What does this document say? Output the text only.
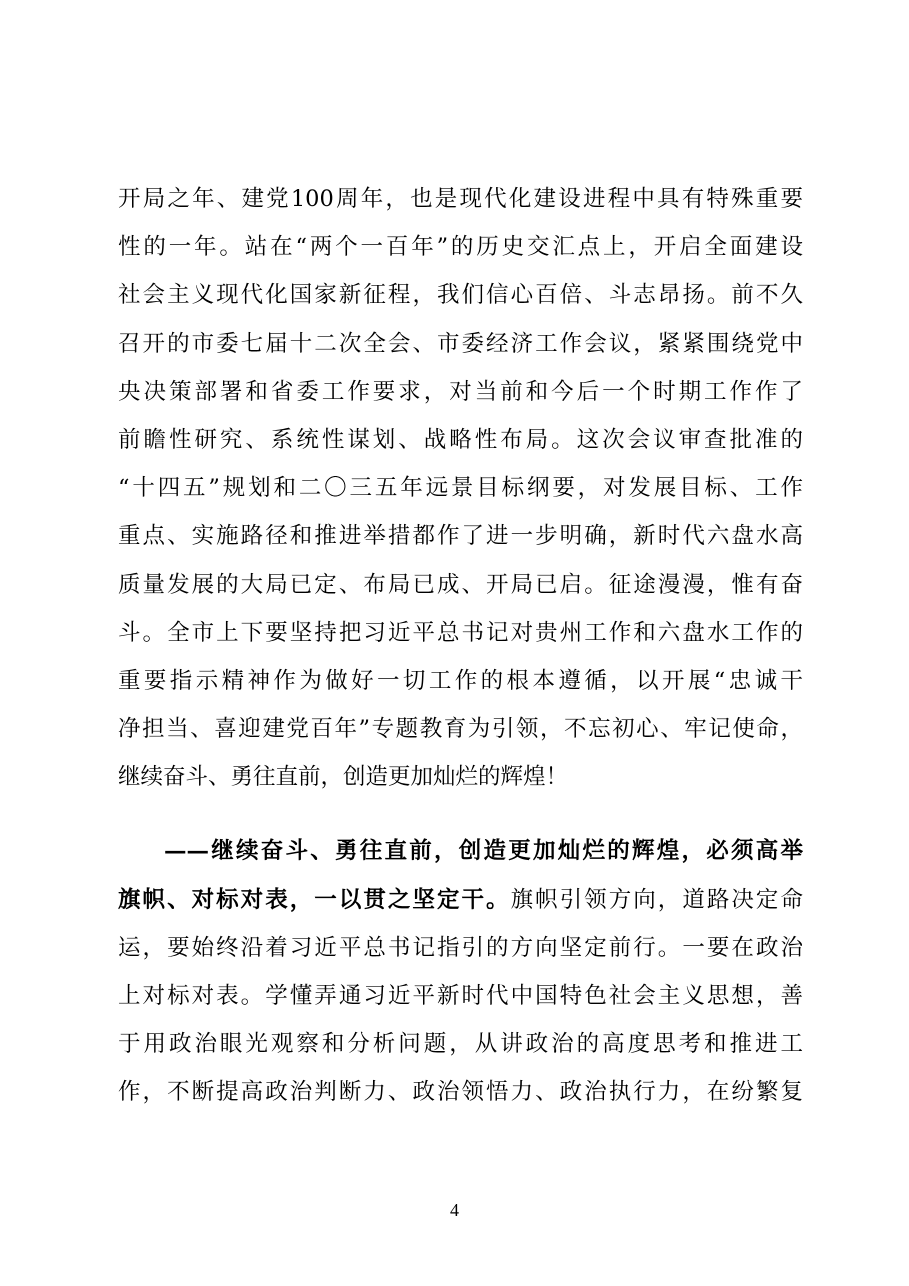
开局之年、建党100周年，也是现代化建设进程中具有特殊重要
性的一年。站在“两个一百年”的历史交汇点上，开启全面建设
社会主义现代化国家新征程，我们信心百倍、斗志昂扬。前不久
召开的市委七届十二次全会、市委经济工作会议，紧紧围绕党中
央决策部署和省委工作要求，对当前和今后一个时期工作作了
前瞻性研究、系统性谋划、战略性布局。这次会议审查批准的
“十四五”规划和二〇三五年远景目标纲要，对发展目标、工作
重点、实施路径和推进举措都作了进一步明确，新时代六盘水高
质量发展的大局已定、布局已成、开局已启。征途漫漫，惟有奋
斗。全市上下要坚持把习近平总书记对贵州工作和六盘水工作的
重要指示精神作为做好一切工作的根本遵循，以开展“忠诚干
净担当、喜迎建党百年”专题教育为引领，不忘初心、牢记使命，
继续奋斗、勇往直前，创造更加灿烂的辉煌！
——继续奋斗、勇往直前，创造更加灿烂的辉煌，必须高举
旗帜、对标对表，一以贯之坚定干。旗帜引领方向，道路决定命
运，要始终沿着习近平总书记指引的方向坚定前行。一要在政治
上对标对表。学懂弄通习近平新时代中国特色社会主义思想，善
于用政治眼光观察和分析问题，从讲政治的高度思考和推进工
作，不断提高政治判断力、政治领悟力、政治执行力，在纷繁复
4
